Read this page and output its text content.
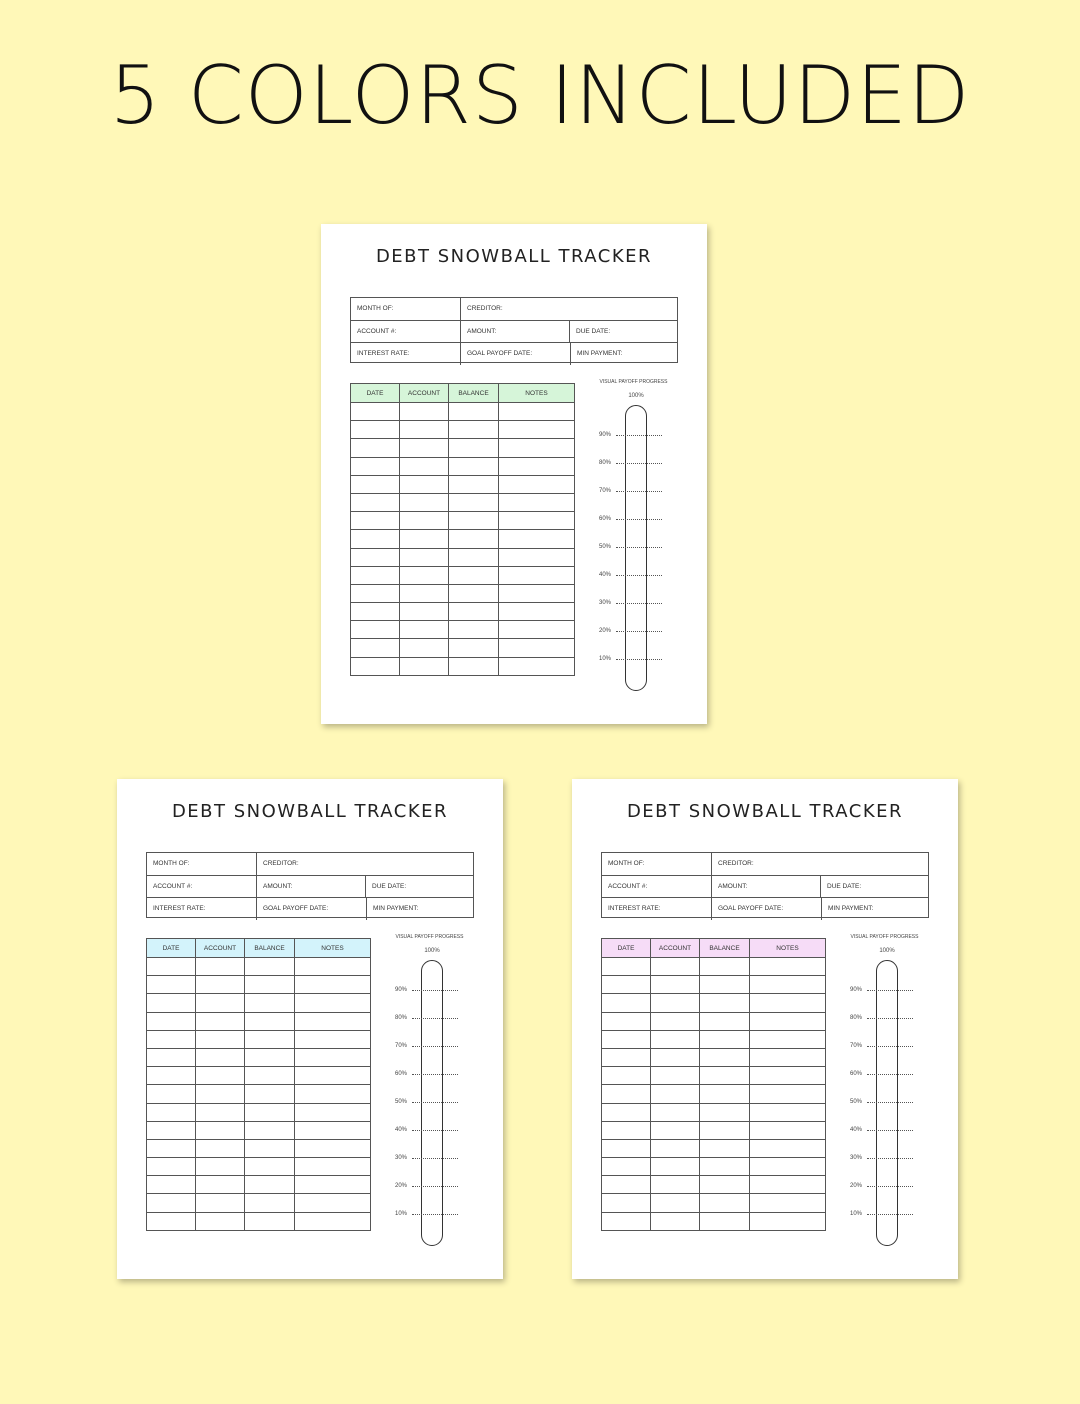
5 COLORS INCLUDED
DEBT SNOWBALL TRACKER
MONTH OF:	CREDITOR:
ACCOUNT #:	AMOUNT:	DUE DATE:
INTEREST RATE:	GOAL PAYOFF DATE:	MIN PAYMENT:
DATE	ACCOUNT	BALANCE	NOTES

VISUAL PAYOFF PROGRESS
100%
90%
80%
70%
60%
50%
40%
30%
20%
10%
DEBT SNOWBALL TRACKER
MONTH OF:	CREDITOR:
ACCOUNT #:	AMOUNT:	DUE DATE:
INTEREST RATE:	GOAL PAYOFF DATE:	MIN PAYMENT:
DATE	ACCOUNT	BALANCE	NOTES

VISUAL PAYOFF PROGRESS
100%
90%
80%
70%
60%
50%
40%
30%
20%
10%
DEBT SNOWBALL TRACKER
MONTH OF:	CREDITOR:
ACCOUNT #:	AMOUNT:	DUE DATE:
INTEREST RATE:	GOAL PAYOFF DATE:	MIN PAYMENT:
DATE	ACCOUNT	BALANCE	NOTES

VISUAL PAYOFF PROGRESS
100%
90%
80%
70%
60%
50%
40%
30%
20%
10%
